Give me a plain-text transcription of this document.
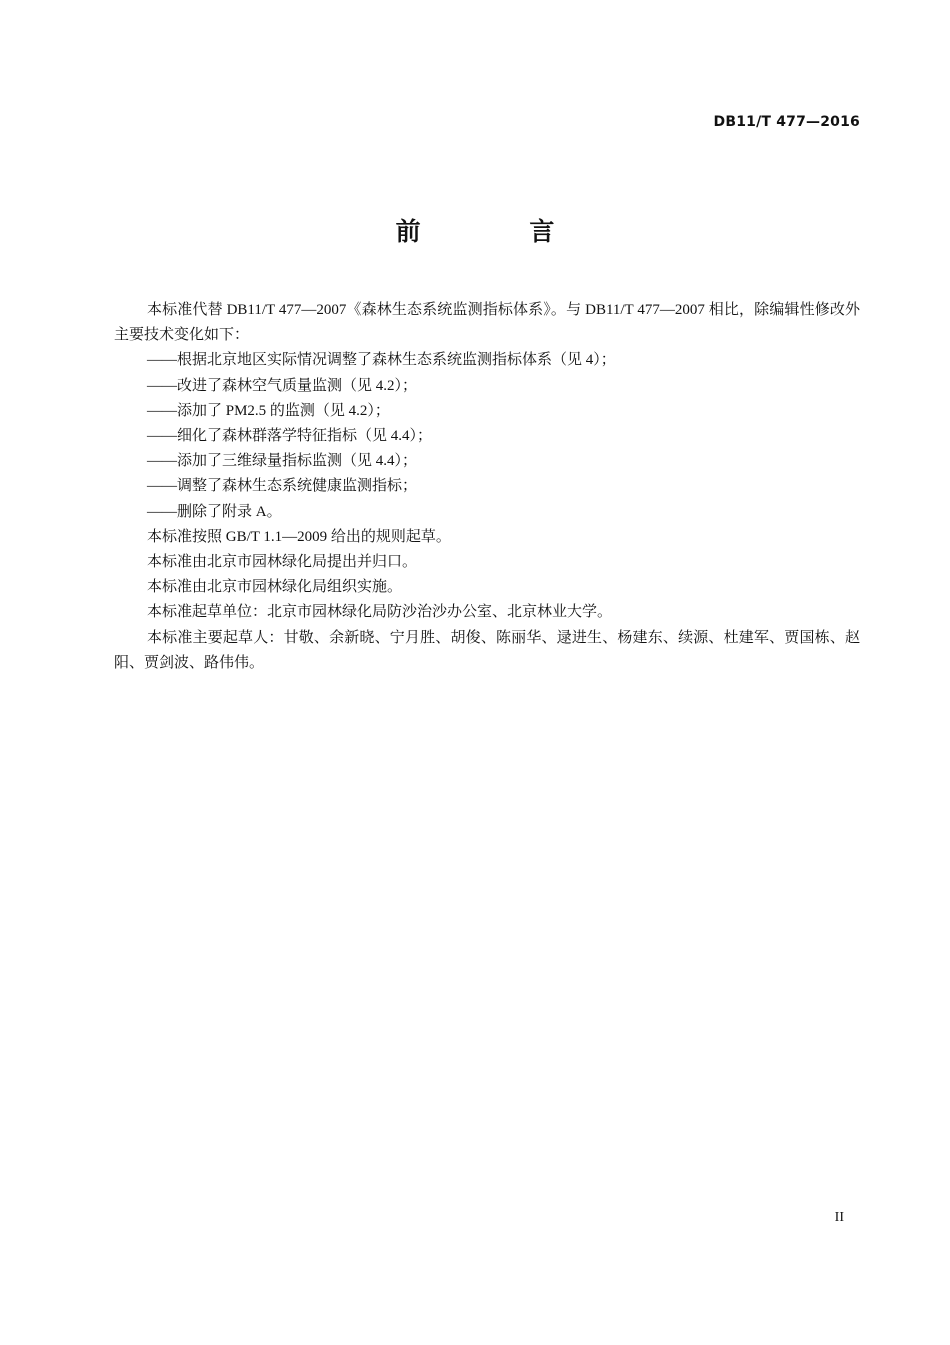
DB11/T 477—2016
前 言

本标准代替 DB11/T 477—2007《森林生态系统监测指标体系》。与 DB11/T 477—2007 相比，除编辑性修改外主要技术变化如下：

——根据北京地区实际情况调整了森林生态系统监测指标体系（见 4）；

——改进了森林空气质量监测（见 4.2）；

——添加了 PM2.5 的监测（见 4.2）；

——细化了森林群落学特征指标（见 4.4）；

——添加了三维绿量指标监测（见 4.4）；

——调整了森林生态系统健康监测指标；

——删除了附录 A。

本标准按照 GB/T 1.1—2009 给出的规则起草。

本标准由北京市园林绿化局提出并归口。

本标准由北京市园林绿化局组织实施。

本标准起草单位：北京市园林绿化局防沙治沙办公室、北京林业大学。

本标准主要起草人：甘敬、余新晓、宁月胜、胡俊、陈丽华、逯进生、杨建东、续源、杜建军、贾国栋、赵阳、贾剑波、路伟伟。

II
